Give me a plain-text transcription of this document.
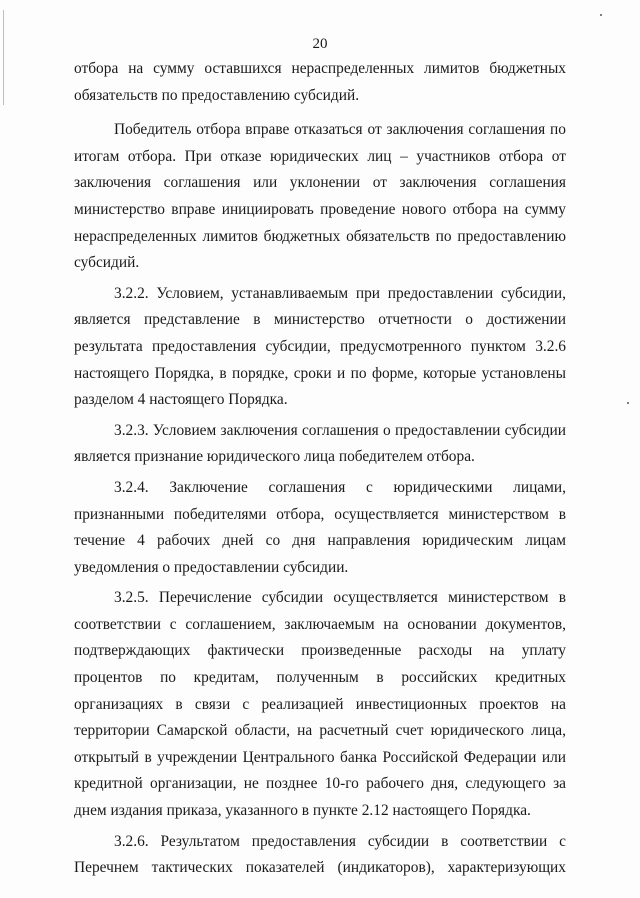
20

отбора на сумму оставшихся нераспределенных лимитов бюджетных обязательств по предоставлению субсидий.

Победитель отбора вправе отказаться от заключения соглашения по итогам отбора. При отказе юридических лиц – участников отбора от заключения соглашения или уклонении от заключения соглашения министерство вправе инициировать проведение нового отбора на сумму нераспределенных лимитов бюджетных обязательств по предоставлению субсидий.

3.2.2. Условием, устанавливаемым при предоставлении субсидии, является представление в министерство отчетности о достижении результата предоставления субсидии, предусмотренного пунктом 3.2.6 настоящего Порядка, в порядке, сроки и по форме, которые установлены разделом 4 настоящего Порядка.

3.2.3. Условием заключения соглашения о предоставлении субсидии является признание юридического лица победителем отбора.

3.2.4. Заключение соглашения с юридическими лицами, признанными победителями отбора, осуществляется министерством в течение 4 рабочих дней со дня направления юридическим лицам уведомления о предоставлении субсидии.

3.2.5. Перечисление субсидии осуществляется министерством в соответствии с соглашением, заключаемым на основании документов, подтверждающих фактически произведенные расходы на уплату процентов по кредитам, полученным в российских кредитных организациях в связи с реализацией инвестиционных проектов на территории Самарской области, на расчетный счет юридического лица, открытый в учреждении Центрального банка Российской Федерации или кредитной организации, не позднее 10-го рабочего дня, следующего за днем издания приказа, указанного в пункте 2.12 настоящего Порядка.

3.2.6. Результатом предоставления субсидии в соответствии с Перечнем тактических показателей (индикаторов), характеризующих
